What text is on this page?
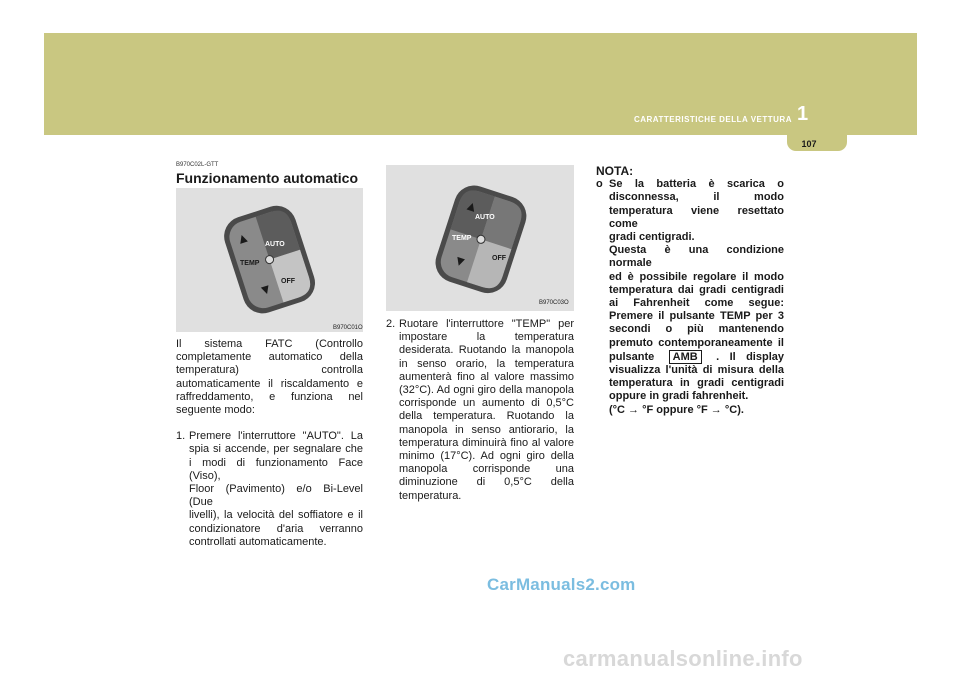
CARATTERISTICHE DELLA VETTURA 1
107
B970C02L-GTT
Funzionamento automatico
AUTO
TEMP
OFF
B970C01O

Il sistema FATC (Controllo

completamente automatico della

temperatura) controlla

automaticamente il riscaldamento e

raffreddamento, e funziona nel

seguente modo:

1. Premere l'interruttore "AUTO". La

spia si accende, per segnalare che

i modi di funzionamento Face (Viso),

Floor (Pavimento) e/o Bi-Level (Due

livelli), la velocità del soffiatore e il

condizionatore d'aria verranno

controllati automaticamente.

AUTO
TEMP
OFF
B970C03O
2. Ruotare l'interruttore "TEMP" per

impostare la temperatura

desiderata. Ruotando la manopola

in senso orario, la temperatura

aumenterà fino al valore massimo

(32°C). Ad ogni giro della manopola

corrisponde un aumento di 0,5°C

della temperatura. Ruotando la

manopola in senso antiorario, la

temperatura diminuirà fino al valore

minimo (17°C). Ad ogni giro della

manopola corrisponde una

diminuzione di 0,5°C della

temperatura.

NOTA:

o Se la batteria è scarica o

disconnessa, il modo

temperatura viene resettato come

gradi centigradi.

Questa è una condizione normale

ed è possibile regolare il modo

temperatura dai gradi centigradi

ai Fahrenheit come segue:

Premere il pulsante TEMP per 3

secondi o più mantenendo

premuto contemporaneamente il

pulsante AMB . Il display

visualizza l'unità di misura della

temperatura in gradi centigradi

oppure in gradi fahrenheit.

(°C → °F oppure °F → °C).

CarManuals2.com
carmanualsonline.info
